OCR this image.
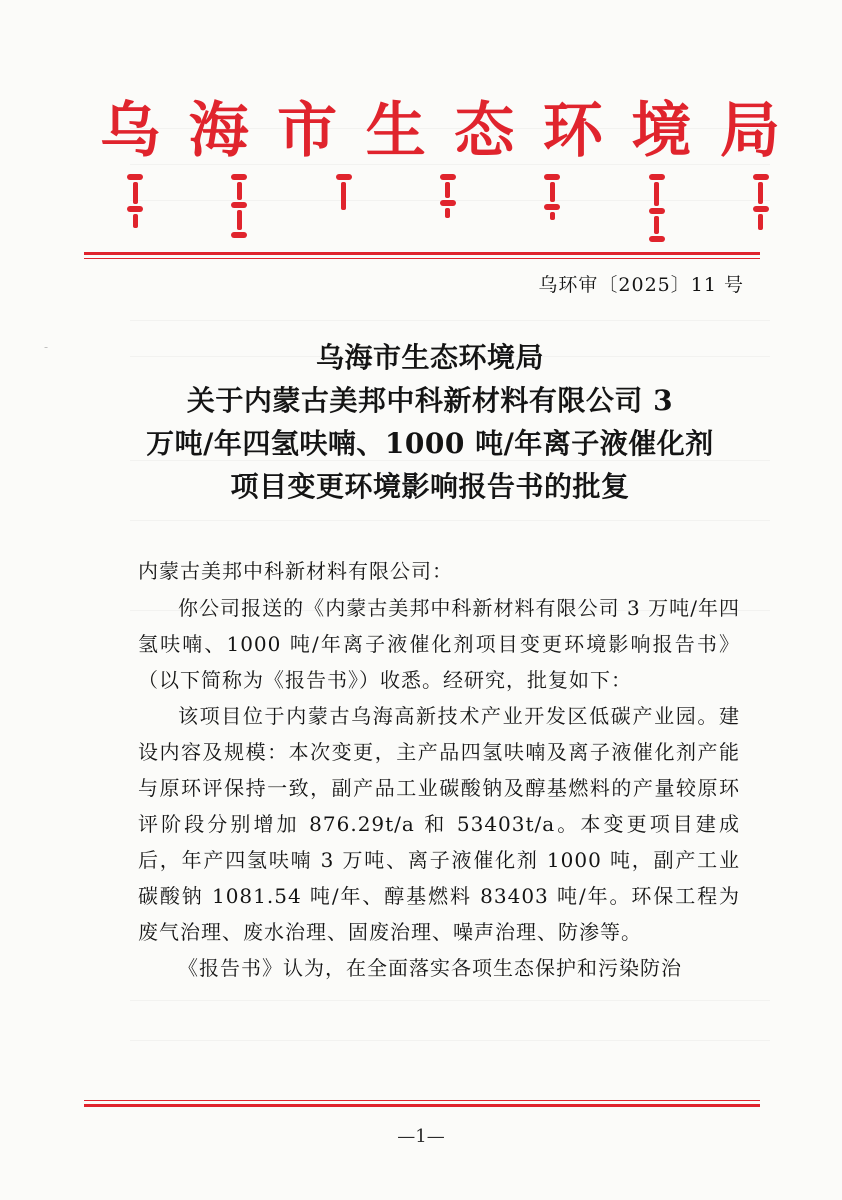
-
乌 海 市 生 态 环 境 局
乌环审〔2025〕11 号
乌海市生态环境局
关于内蒙古美邦中科新材料有限公司 3
万吨/年四氢呋喃、1000 吨/年离子液催化剂
项目变更环境影响报告书的批复
内蒙古美邦中科新材料有限公司：

你公司报送的《内蒙古美邦中科新材料有限公司 3 万吨/年四氢呋喃、1000 吨/年离子液催化剂项目变更环境影响报告书》（以下简称为《报告书》）收悉。经研究，批复如下：

该项目位于内蒙古乌海高新技术产业开发区低碳产业园。建设内容及规模：本次变更，主产品四氢呋喃及离子液催化剂产能与原环评保持一致，副产品工业碳酸钠及醇基燃料的产量较原环评阶段分别增加 876.29t/a 和 53403t/a。本变更项目建成后，年产四氢呋喃 3 万吨、离子液催化剂 1000 吨，副产工业碳酸钠 1081.54 吨/年、醇基燃料 83403 吨/年。环保工程为废气治理、废水治理、固废治理、噪声治理、防渗等。

《报告书》认为，在全面落实各项生态保护和污染防治

—1—
